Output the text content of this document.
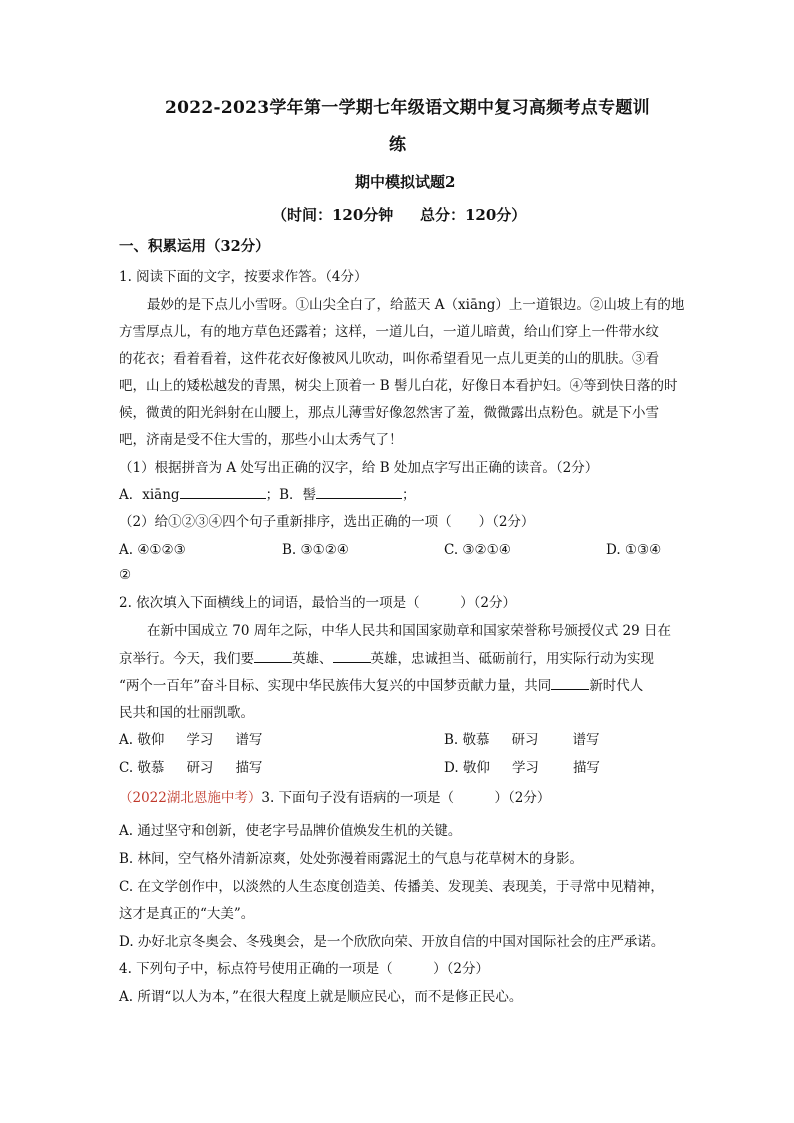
2022-2023学年第一学期七年级语文期中复习高频考点专题训
练
期中模拟试题2
（时间：120分钟 总分：120分）
一、积累运用（32分）
1. 阅读下面的文字，按要求作答。（4分）
最妙的是下点儿小雪呀。①山尖全白了，给蓝天 A（xiāng）上一道银边。②山坡上有的地
方雪厚点儿，有的地方草色还露着；这样，一道儿白，一道儿暗黄，给山们穿上一件带水纹
的花衣；看着看着，这件花衣好像被风儿吹动，叫你希望看见一点儿更美的山的肌肤。③看
吧，山上的矮松越发的青黑，树尖上顶着一 B 髻儿白花，好像日本看护妇。④等到快日落的时
候，微黄的阳光斜射在山腰上，那点儿薄雪好像忽然害了羞，微微露出点粉色。就是下小雪
吧，济南是受不住大雪的，那些小山太秀气了！
（1）根据拼音为 A 处写出正确的汉字，给 B 处加点字写出正确的读音。（2分）
A．xiāng	；B．髻	；
（2）给①②③④四个句子重新排序，选出正确的一项（　　）（2分）
A. ④①②③	B. ③①②④	C. ③②①④	D. ①③④
②
2. 依次填入下面横线上的词语，最恰当的一项是（　　　）（2分）
在新中国成立 70 周年之际，中华人民共和国国家勋章和国家荣誉称号颁授仪式 29 日在
京举行。今天，我们要	英雄、	英雄，忠诚担当、砥砺前行，用实际行动为实现
“两个一百年”奋斗目标、实现中华民族伟大复兴的中国梦贡献力量，共同	新时代人
民共和国的壮丽凯歌。
A. 敬仰 学习 谱写	B. 敬慕 研习	谱写
C. 敬慕 研习 描写	D. 敬仰 学习	描写
（2022湖北恩施中考）3. 下面句子没有语病的一项是（　　　）（2分）
A. 通过坚守和创新，使老字号品牌价值焕发生机的关键。
B. 林间，空气格外清新凉爽，处处弥漫着雨露泥土的气息与花草树木的身影。
C. 在文学创作中，以淡然的人生态度创造美、传播美、发现美、表现美，于寻常中见精神，
这才是真正的“大美”。
D. 办好北京冬奥会、冬残奥会，是一个欣欣向荣、开放自信的中国对国际社会的庄严承诺。
4. 下列句子中，标点符号使用正确的一项是（　　　）（2分）
A. 所谓“以人为本，”在很大程度上就是顺应民心，而不是修正民心。
